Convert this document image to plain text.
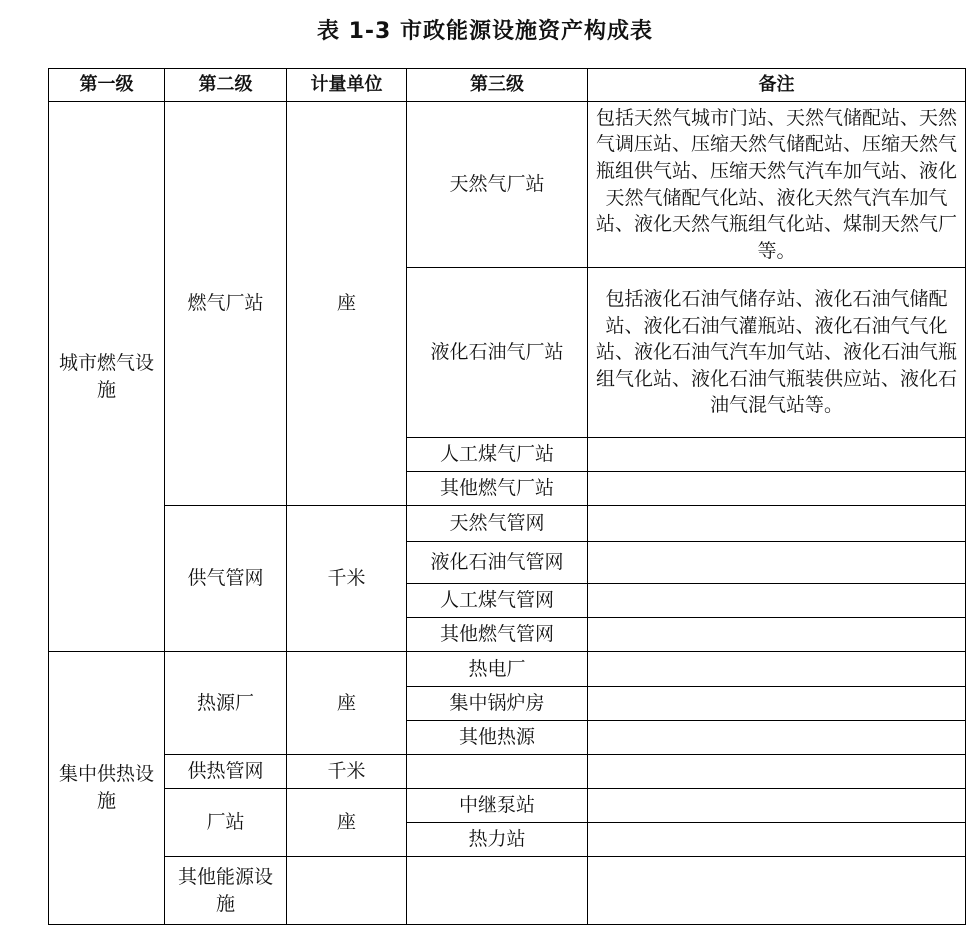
表 1-3 市政能源设施资产构成表
第一级	第二级	计量单位	第三级	备注	

城市燃气设施	燃气厂站	座	天然气厂站	包括天然气城市门站、天然气储配站、天然气调压站、压缩天然气储配站、压缩天然气瓶组供气站、压缩天然气汽车加气站、液化天然气储配气化站、液化天然气汽车加气站、液化天然气瓶组气化站、煤制天然气厂等。	
			液化石油气厂站	包括液化石油气储存站、液化石油气储配站、液化石油气灌瓶站、液化石油气气化站、液化石油气汽车加气站、液化石油气瓶组气化站、液化石油气瓶装供应站、液化石油气混气站等。	
			人工煤气厂站		
			其他燃气厂站		
	供气管网	千米	天然气管网		
			液化石油气管网		
			人工煤气管网		
			其他燃气管网		

集中供热设施	热源厂	座	热电厂		
			集中锅炉房		
			其他热源		
	供热管网	千米			
	厂站	座	中继泵站		
			热力站		

	其他能源设施				
